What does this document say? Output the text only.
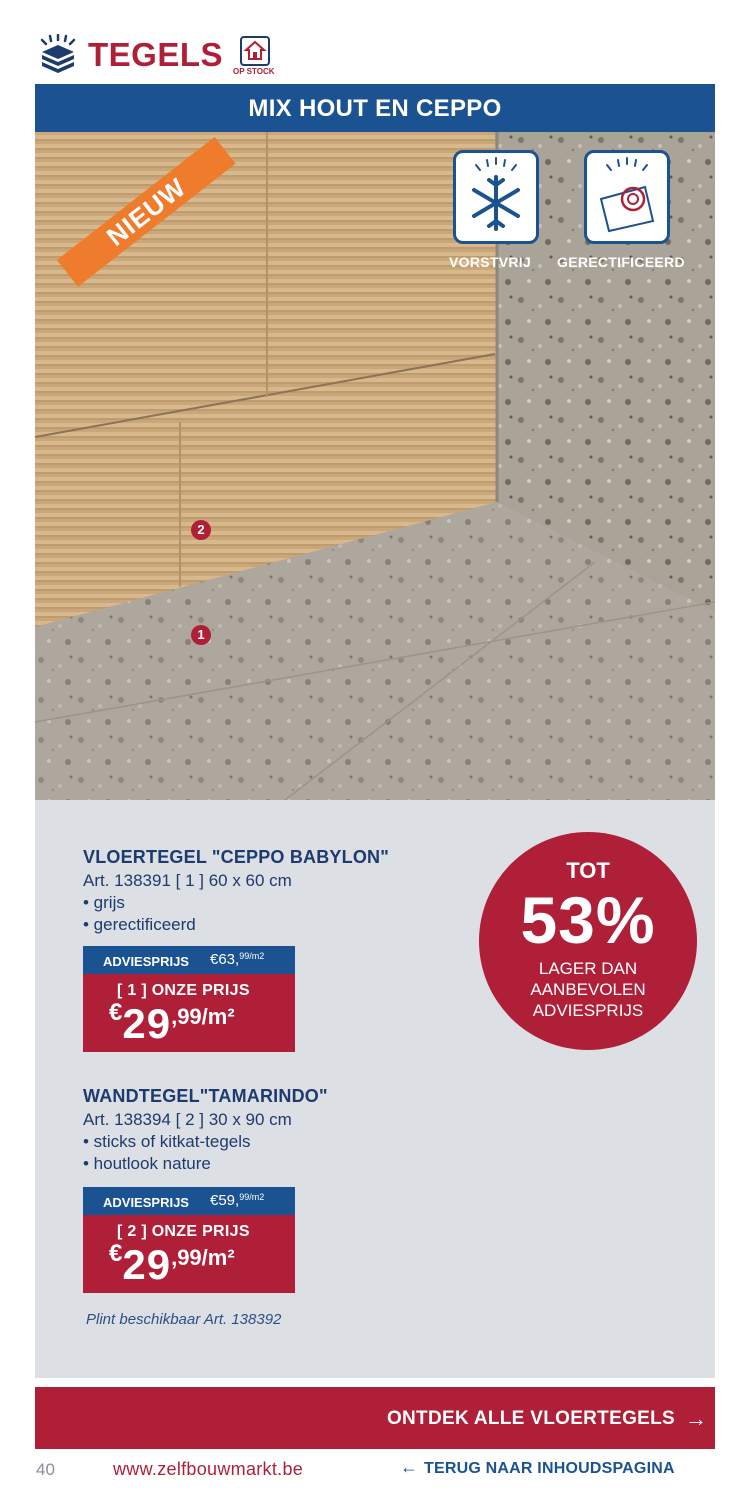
TEGELS OP STOCK
MIX HOUT EN CEPPO
NIEUW
VORSTVRIJ GERECTIFICEERD
1
2
VLOERTEGEL "CEPPO BABYLON"
Art. 138391 [ 1 ] 60 x 60 cm
• grijs
• gerectificeerd
ADVIESPRIJS €63,$^{99/m2}$
[ 1 ] ONZE PRIJS
€29,99/m²
WANDTEGEL"TAMARINDO"
Art. 138394 [ 2 ] 30 x 90 cm
• sticks of kitkat-tegels
• houtlook nature
ADVIESPRIJS €59,$^{99/m2}$
[ 2 ] ONZE PRIJS
€29,99/m²
Plint beschikbaar Art. 138392
TOT
53%
LAGER DAN
AANBEVOLEN
ADVIESPRIJS
ONTDEK ALLE VLOERTEGELS →
40	www.zelfbouwmarkt.be	← TERUG NAAR INHOUDSPAGINA
